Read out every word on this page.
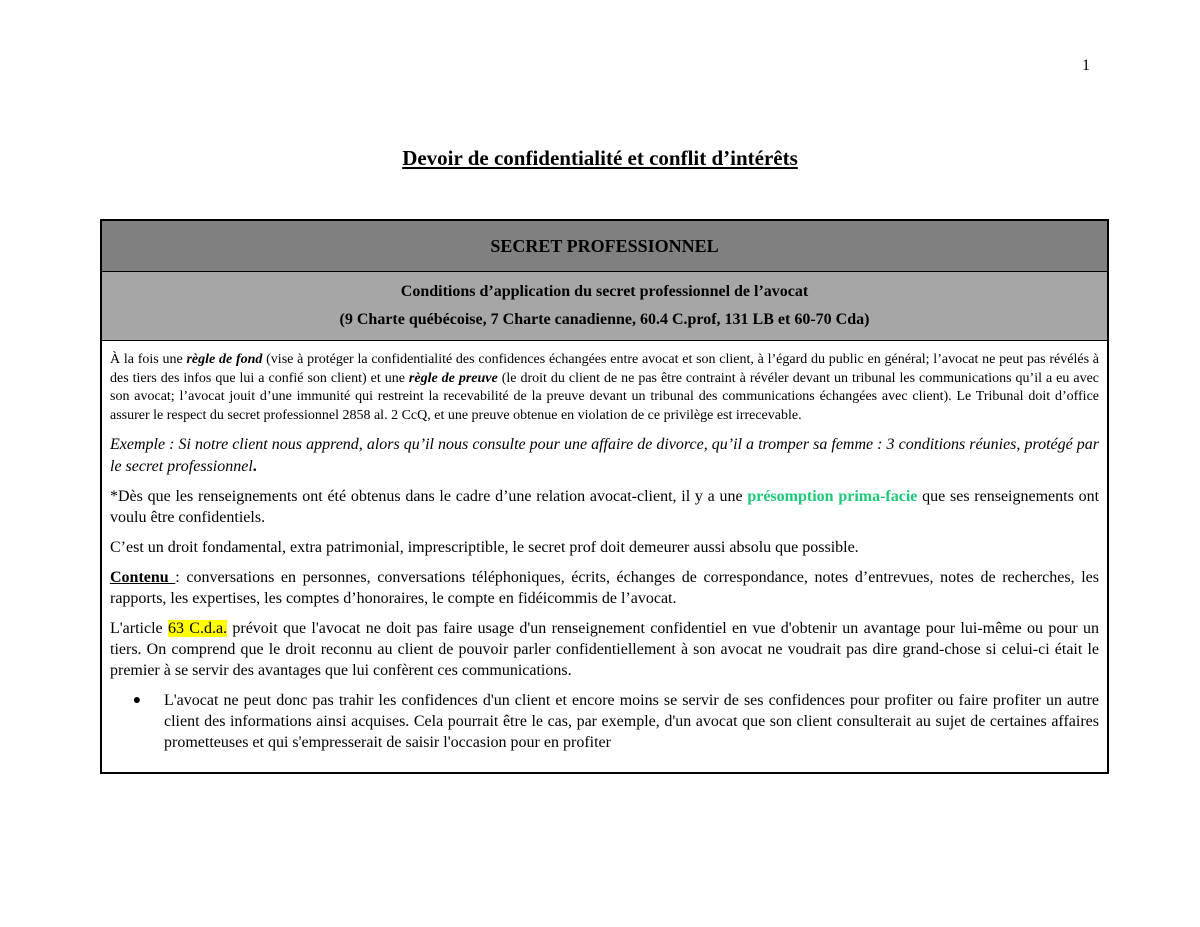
1
Devoir de confidentialité et conflit d’intérêts
SECRET PROFESSIONNEL
Conditions d’application du secret professionnel de l’avocat
(9 Charte québécoise, 7 Charte canadienne, 60.4 C.prof, 131 LB et 60-70 Cda)

À la fois une règle de fond (vise à protéger la confidentialité des confidences échangées entre avocat et son client, à l’égard du public en général; l’avocat ne peut pas révélés à des tiers des infos que lui a confié son client) et une règle de preuve (le droit du client de ne pas être contraint à révéler devant un tribunal les communications qu’il a eu avec son avocat; l’avocat jouit d’une immunité qui restreint la recevabilité de la preuve devant un tribunal des communications échangées avec client). Le Tribunal doit d’office assurer le respect du secret professionnel 2858 al. 2 CcQ, et une preuve obtenue en violation de ce privilège est irrecevable.

Exemple : Si notre client nous apprend, alors qu’il nous consulte pour une affaire de divorce, qu’il a tromper sa femme : 3 conditions réunies, protégé par le secret professionnel.

*Dès que les renseignements ont été obtenus dans le cadre d’une relation avocat-client, il y a une présomption prima-facie que ses renseignements ont voulu être confidentiels.

C’est un droit fondamental, extra patrimonial, imprescriptible, le secret prof doit demeurer aussi absolu que possible.

Contenu : conversations en personnes, conversations téléphoniques, écrits, échanges de correspondance, notes d’entrevues, notes de recherches, les rapports, les expertises, les comptes d’honoraires, le compte en fidéicommis de l’avocat.

L'article 63 C.d.a. prévoit que l'avocat ne doit pas faire usage d'un renseignement confidentiel en vue d'obtenir un avantage pour lui-même ou pour un tiers. On comprend que le droit reconnu au client de pouvoir parler confidentiellement à son avocat ne voudrait pas dire grand-chose si celui-ci était le premier à se servir des avantages que lui confèrent ces communications.

●	L'avocat ne peut donc pas trahir les confidences d'un client et encore moins se servir de ses confidences pour profiter ou faire profiter un autre client des informations ainsi acquises. Cela pourrait être le cas, par exemple, d'un avocat que son client consulterait au sujet de certaines affaires prometteuses et qui s'empresserait de saisir l'occasion pour en profiter
